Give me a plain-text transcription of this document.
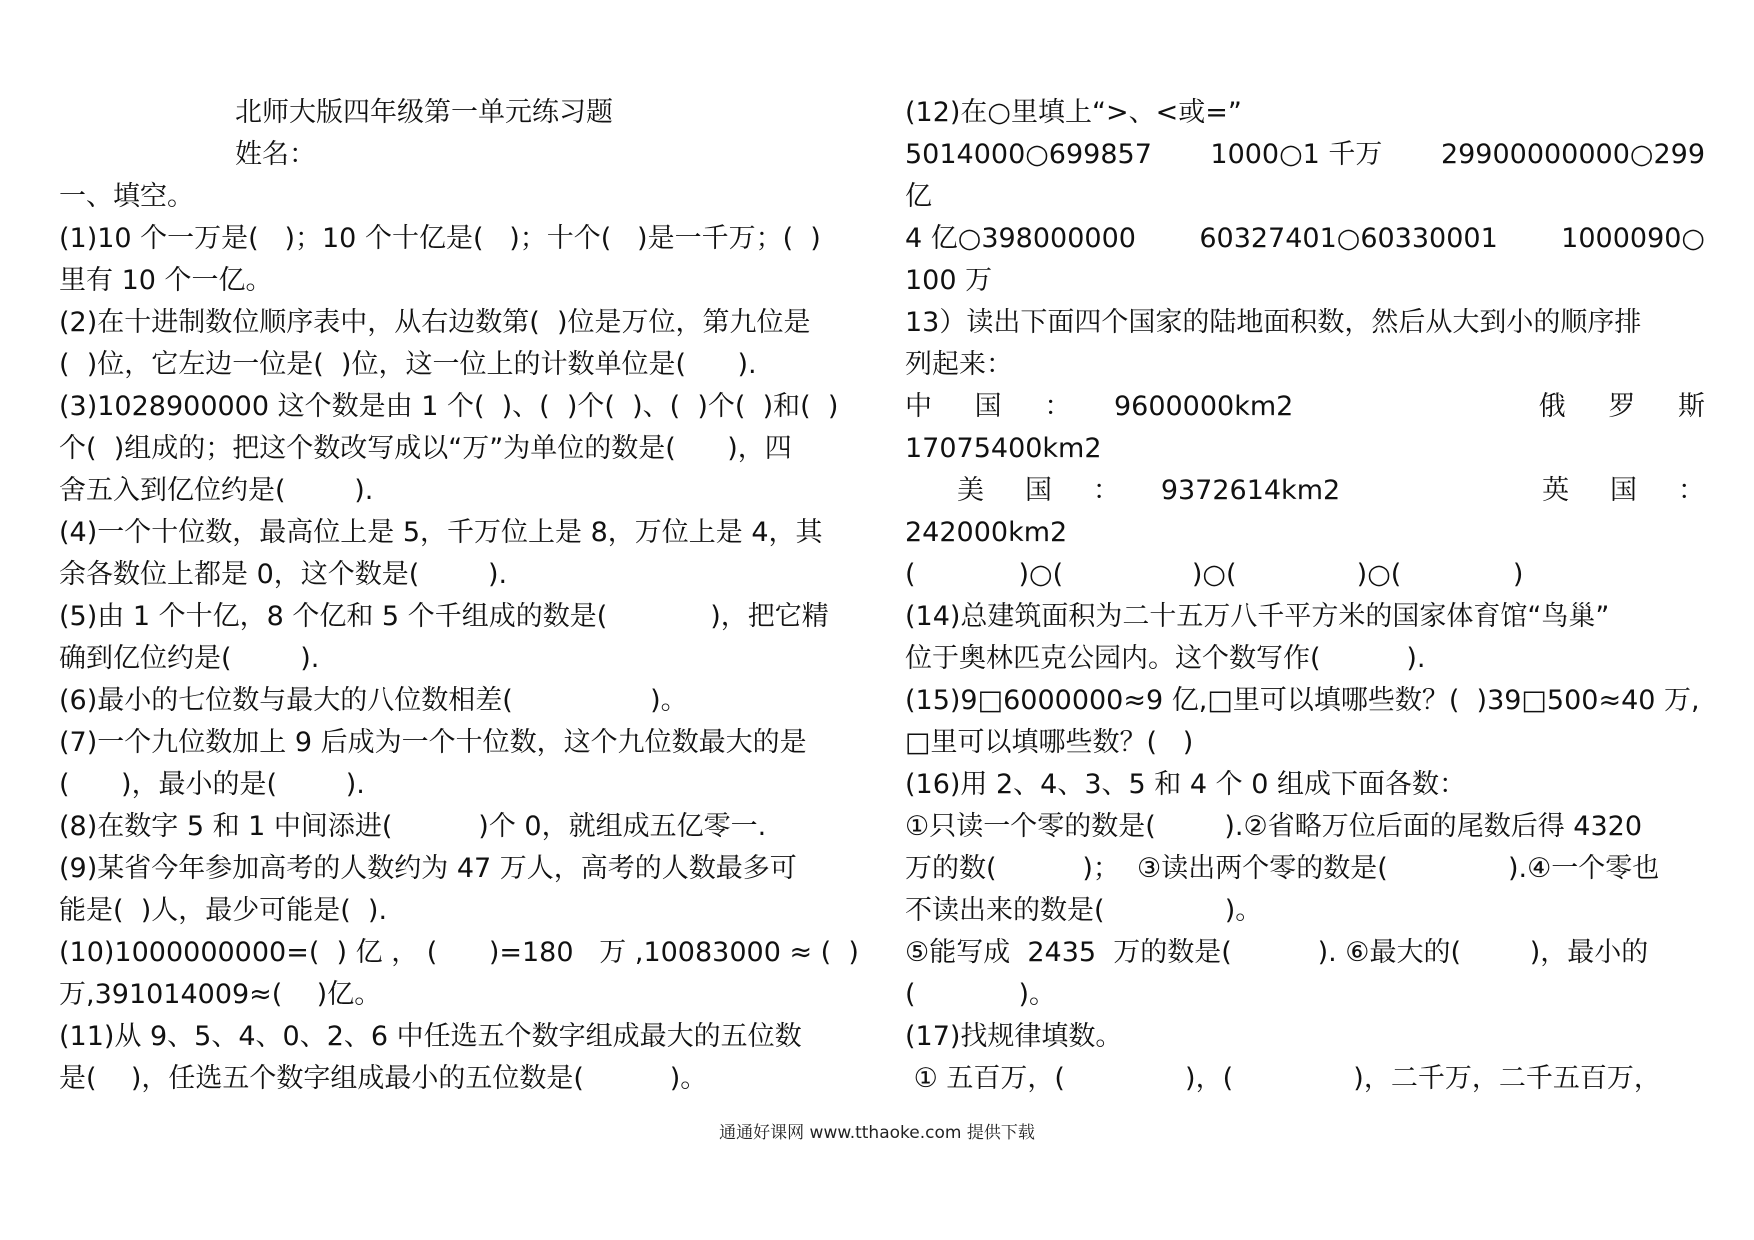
北师大版四年级第一单元练习题
姓名：
一、填空。
(1)10 个一万是(   )；10 个十亿是(   )；十个(   )是一千万；(  )
里有 10 个一亿。
(2)在十进制数位顺序表中，从右边数第(  )位是万位，第九位是
(  )位，它左边一位是(  )位，这一位上的计数单位是(      ).
(3)1028900000 这个数是由 1 个(  )、(  )个(  )、(  )个(  )和(  )
个(  )组成的；把这个数改写成以“万”为单位的数是(      )，四
舍五入到亿位约是(        ).
(4)一个十位数，最高位上是 5，千万位上是 8，万位上是 4，其
余各数位上都是 0，这个数是(        ).
(5)由 1 个十亿，8 个亿和 5 个千组成的数是(            )，把它精
确到亿位约是(        ).
(6)最小的七位数与最大的八位数相差(                )。
(7)一个九位数加上 9 后成为一个十位数，这个九位数最大的是
(      )，最小的是(        ).
(8)在数字 5 和 1 中间添进(          )个 0，就组成五亿零一.
(9)某省今年参加高考的人数约为 47 万人，高考的人数最多可
能是(  )人，最少可能是(  ).
(10)1000000000=(  ) 亿 ， (      )=180   万 ,10083000 ≈ (  )
万,391014009≈(    )亿。
(11)从 9、5、4、0、2、6 中任选五个数字组成最大的五位数
是(    )，任选五个数字组成最小的五位数是(          )。
(12)在○里填上“>、<或=”
5014000○699857 1000○1 千万 29900000000○299
亿
4 亿○398000000 60327401○60330001 1000090○
100 万
13）读出下面四个国家的陆地面积数，然后从大到小的顺序排
列起来：
中 国 ： 9600000km2	俄 罗 斯
17075400km2
美 国 ： 9372614km2	英 国 ：
242000km2
(            )○(               )○(              )○(             )
(14)总建筑面积为二十五万八千平方米的国家体育馆“鸟巢”
位于奥林匹克公园内。这个数写作(          ).
(15)9□6000000≈9 亿,□里可以填哪些数？(  )39□500≈40 万,
□里可以填哪些数？(   )
(16)用 2、4、3、5 和 4 个 0 组成下面各数：
①只读一个零的数是(        ).②省略万位后面的尾数后得 4320
万的数(          )；  ③读出两个零的数是(              ).④一个零也
不读出来的数是(              )。
⑤能写成  2435  万的数是(          ). ⑥最大的(        )，最小的
(            )。
(17)找规律填数。
① 五百万，(              )，(              )，二千万，二千五百万，
通通好课网 www.tthaoke.com 提供下载
